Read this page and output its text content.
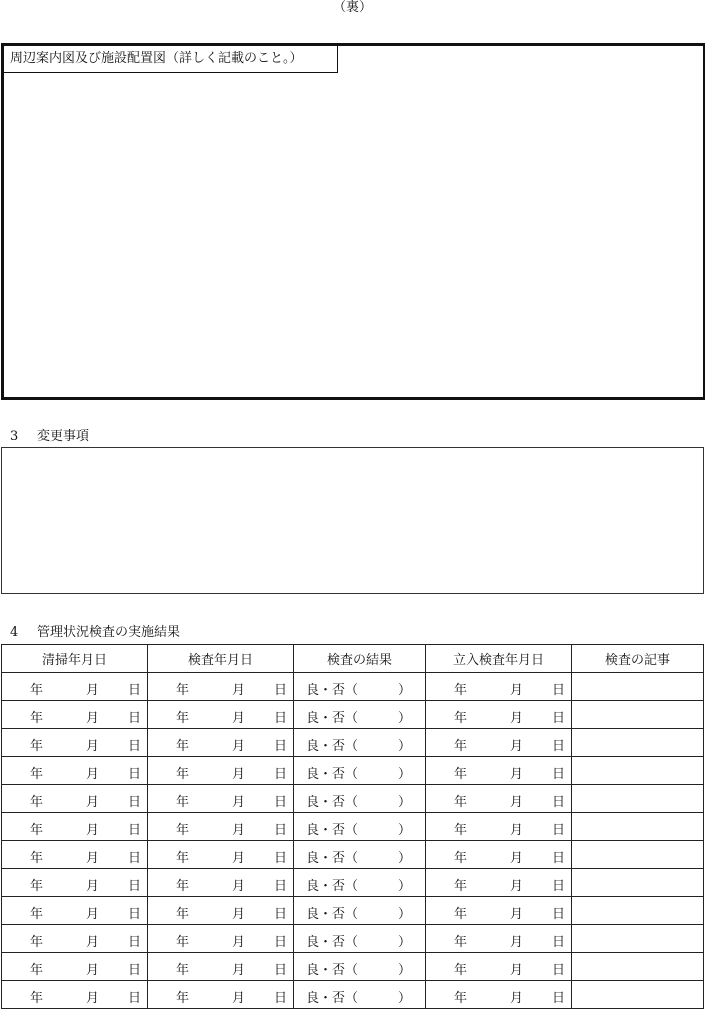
（裏）
周辺案内図及び施設配置図（詳しく記載のこと。）
3 変更事項
4 管理状況検査の実施結果
清掃年月日	検査年月日	検査の結果	立入検査年月日	検査の記事

年 月 日	年 月 日	良・否（ ）	年 月 日	

年 月 日	年 月 日	良・否（ ）	年 月 日	

年 月 日	年 月 日	良・否（ ）	年 月 日	

年 月 日	年 月 日	良・否（ ）	年 月 日	

年 月 日	年 月 日	良・否（ ）	年 月 日	

年 月 日	年 月 日	良・否（ ）	年 月 日	

年 月 日	年 月 日	良・否（ ）	年 月 日	

年 月 日	年 月 日	良・否（ ）	年 月 日	

年 月 日	年 月 日	良・否（ ）	年 月 日	

年 月 日	年 月 日	良・否（ ）	年 月 日	

年 月 日	年 月 日	良・否（ ）	年 月 日	

年 月 日	年 月 日	良・否（ ）	年 月 日	
